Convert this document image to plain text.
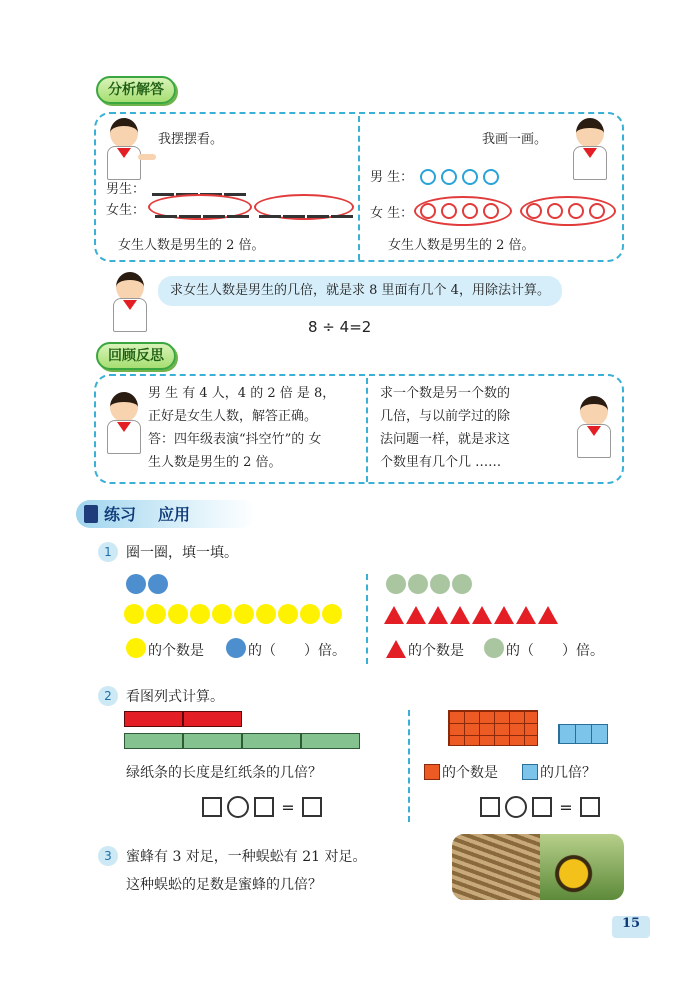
分析解答
我摆摆看。
男生：
女生：
女生人数是男生的 2 倍。
我画一画。
男 生：
女 生：
女生人数是男生的 2 倍。
求女生人数是男生的几倍，就是求 8 里面有几个 4，用除法计算。
8 ÷ 4=2
回顾反思
男 生 有 4 人，4 的 2 倍 是 8，
正好是女生人数，解答正确。
答：四年级表演“抖空竹”的 女
生人数是男生的 2 倍。
求一个数是另一个数的
几倍，与以前学过的除
法问题一样，就是求这
个数里有几个几 ……
练习 应用
1	圈一圈，填一填。
的个数是	的（　　）倍。	的个数是	的（　　）倍。
2	看图列式计算。
绿纸条的长度是红纸条的几倍？
=
的个数是	的几倍？
=
3	蜜蜂有 3 对足，一种蜈蚣有 21 对足。
这种蜈蚣的足数是蜜蜂的几倍？
15
